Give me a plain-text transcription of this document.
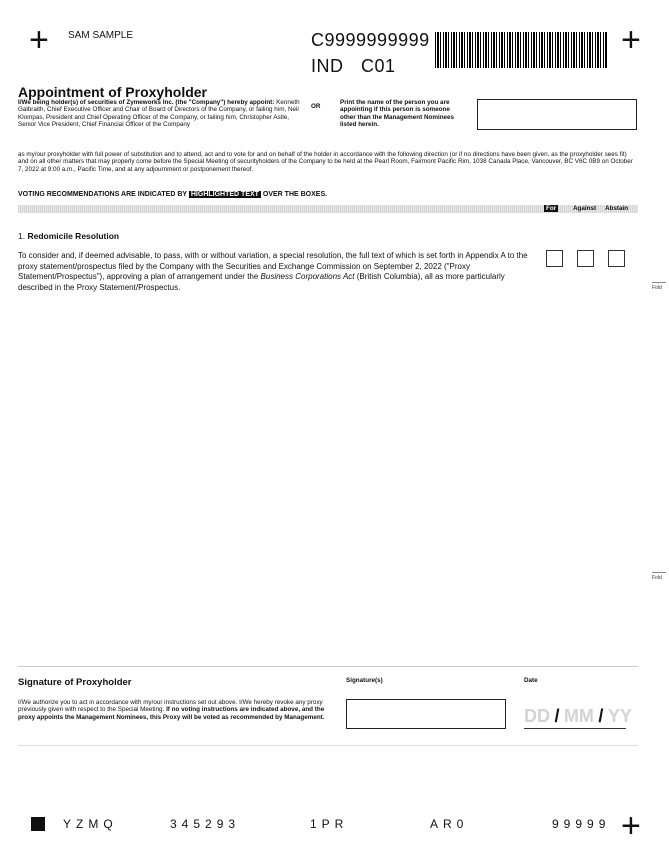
+	+
+
SAM SAMPLE	C9999999999
IND C01
Appointment of Proxyholder
I/We being holder(s) of securities of Zymeworks Inc. (the "Company") hereby appoint: Kenneth Galbraith, Chief Executive Officer and Chair of Board of Directors of the Company, or failing him, Neil Klompas, President and Chief Operating Officer of the Company, or failing him, Christopher Astle, Senior Vice President, Chief Financial Officer of the Company
OR
Print the name of the person you are appointing if this person is someone other than the Management Nominees listed herein.
as my/our proxyholder with full power of substitution and to attend, act and to vote for and on behalf of the holder in accordance with the following direction (or if no directions have been given, as the proxyholder sees fit) and on all other matters that may properly come before the Special Meeting of securityholders of the Company to be held at the Pearl Room, Fairmont Pacific Rim, 1038 Canada Place, Vancouver, BC V6C 0B9 on October 7, 2022 at 9:00 a.m., Pacific Time, and at any adjournment or postponement thereof.
VOTING RECOMMENDATIONS ARE INDICATED BY HIGHLIGHTED TEXT OVER THE BOXES.
For	Against Abstain
1. Redomicile Resolution
To consider and, if deemed advisable, to pass, with or without variation, a special resolution, the full text of which is set forth in Appendix A to the proxy statement/prospectus filed by the Company with the Securities and Exchange Commission on September 2, 2022 ("Proxy Statement/Prospectus"), approving a plan of arrangement under the Business Corporations Act (British Columbia), all as more particularly described in the Proxy Statement/Prospectus.	Fold
Fold
Signature of Proxyholder
I/We authorize you to act in accordance with my/our instructions set out above. I/We hereby revoke any proxy previously given with respect to the Special Meeting. If no voting instructions are indicated above, and the proxy appoints the Management Nominees, this Proxy will be voted as recommended by Management.
Signature(s)	Date
DD / MM / YY
YZMQ	345293	1PR	AR0	99999
